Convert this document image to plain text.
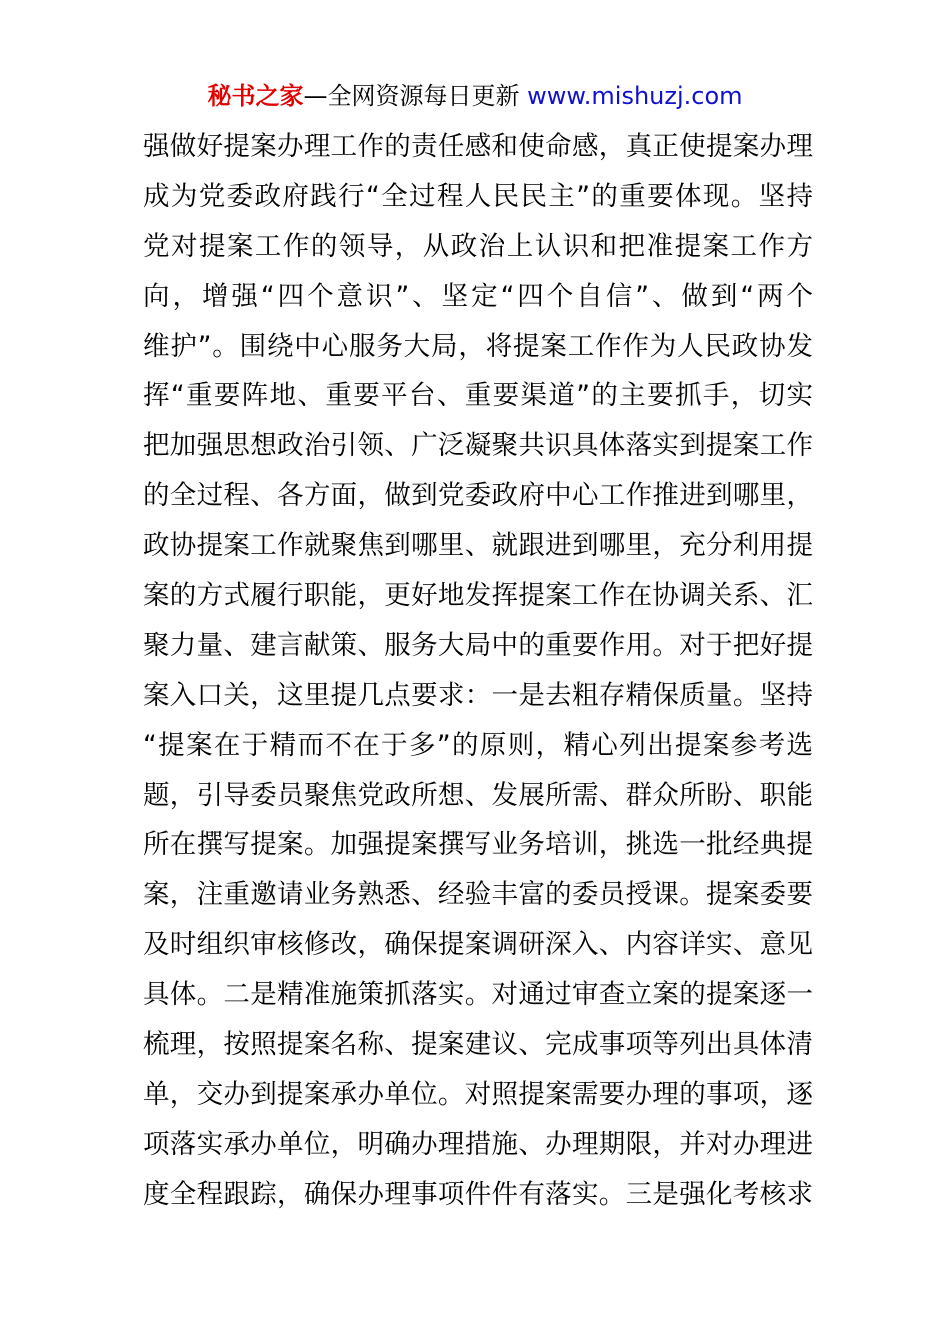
秘书之家—全网资源每日更新 www.mishuzj.com
强做好提案办理工作的责任感和使命感，真正使提案办理
成为党委政府践行“全过程人民民主”的重要体现。坚持
党对提案工作的领导，从政治上认识和把准提案工作方
向，增强“四个意识”、坚定“四个自信”、做到“两个
维护”。围绕中心服务大局，将提案工作作为人民政协发
挥“重要阵地、重要平台、重要渠道”的主要抓手，切实
把加强思想政治引领、广泛凝聚共识具体落实到提案工作
的全过程、各方面，做到党委政府中心工作推进到哪里，
政协提案工作就聚焦到哪里、就跟进到哪里，充分利用提
案的方式履行职能，更好地发挥提案工作在协调关系、汇
聚力量、建言献策、服务大局中的重要作用。对于把好提
案入口关，这里提几点要求：一是去粗存精保质量。坚持
“提案在于精而不在于多”的原则，精心列出提案参考选
题，引导委员聚焦党政所想、发展所需、群众所盼、职能
所在撰写提案。加强提案撰写业务培训，挑选一批经典提
案，注重邀请业务熟悉、经验丰富的委员授课。提案委要
及时组织审核修改，确保提案调研深入、内容详实、意见
具体。二是精准施策抓落实。对通过审查立案的提案逐一
梳理，按照提案名称、提案建议、完成事项等列出具体清
单，交办到提案承办单位。对照提案需要办理的事项，逐
项落实承办单位，明确办理措施、办理期限，并对办理进
度全程跟踪，确保办理事项件件有落实。三是强化考核求
